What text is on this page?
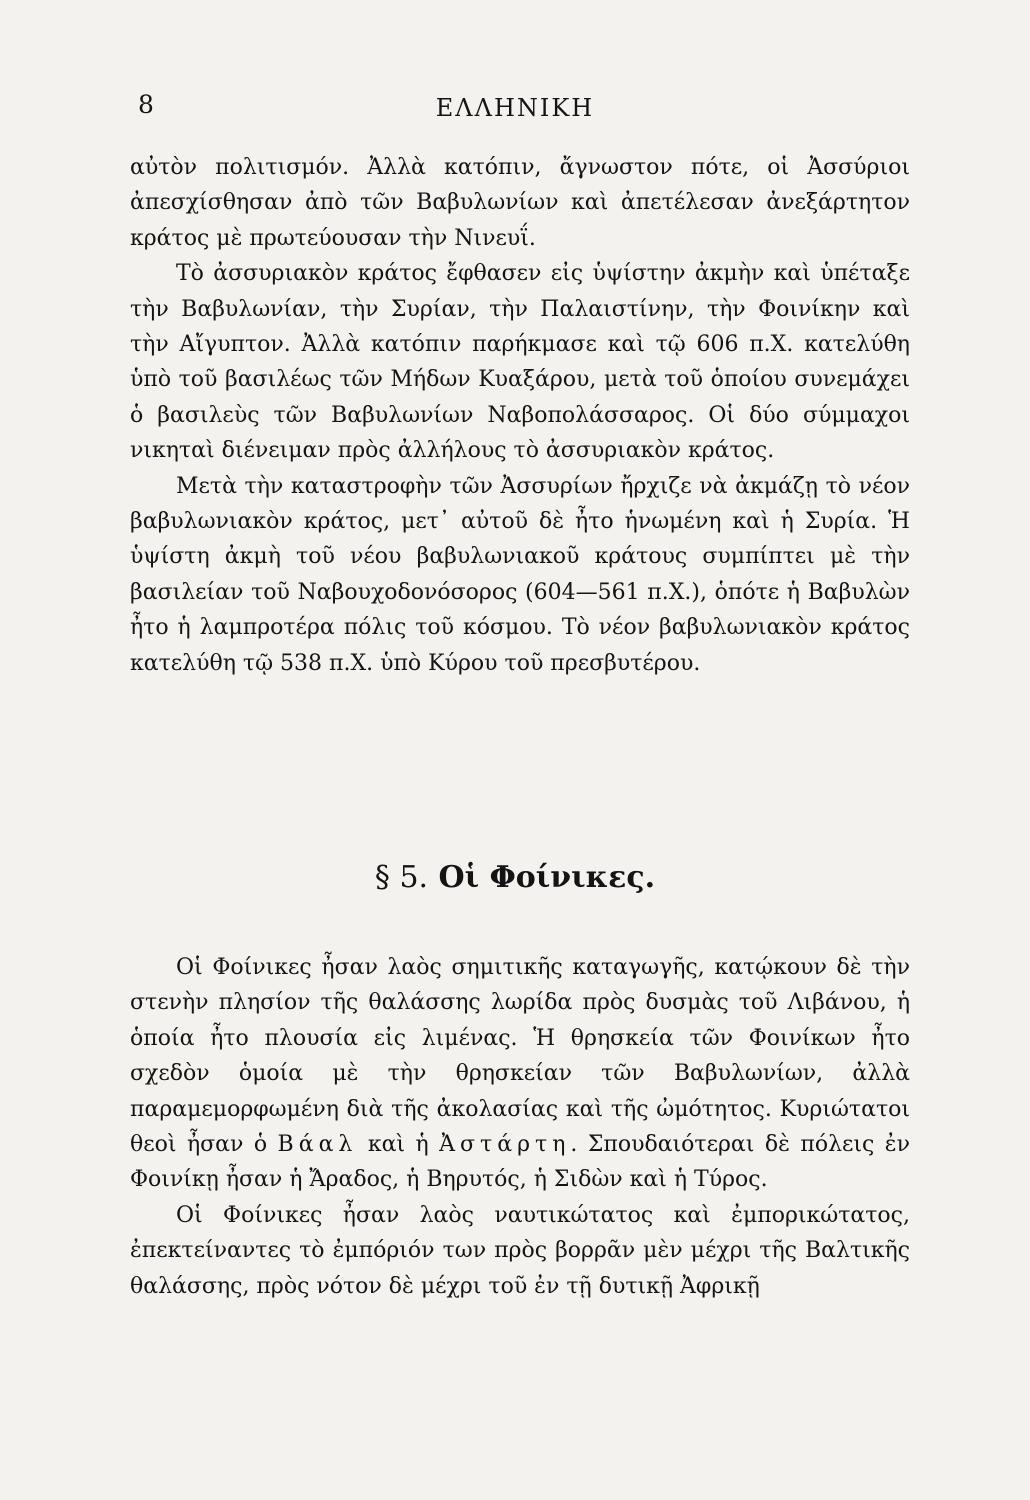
8	ΕΛΛΗΝΙΚΗ

αὐτὸν πολιτισμόν. Ἀλλὰ κατόπιν, ἄγνωστον πότε, οἱ Ἀσσύριοι ἀπεσχίσθησαν ἀπὸ τῶν Βαβυλωνίων καὶ ἀπετέλεσαν ἀνεξάρτητον κράτος μὲ πρωτεύουσαν τὴν Νινευΐ.

Τὸ ἀσσυριακὸν κράτος ἔφθασεν εἰς ὑψίστην ἀκμὴν καὶ ὑπέταξε τὴν Βαβυλωνίαν, τὴν Συρίαν, τὴν Παλαιστίνην, τὴν Φοινίκην καὶ τὴν Αἴγυπτον. Ἀλλὰ κατόπιν παρήκμασε καὶ τῷ 606 π.Χ. κατελύθη ὑπὸ τοῦ βασιλέως τῶν Μήδων Κυαξάρου, μετὰ τοῦ ὁποίου συνεμάχει ὁ βασιλεὺς τῶν Βαβυλωνίων Ναβοπολάσσαρος. Οἱ δύο σύμμαχοι νικηταὶ διένειμαν πρὸς ἀλλήλους τὸ ἀσσυριακὸν κράτος.

Μετὰ τὴν καταστροφὴν τῶν Ἀσσυρίων ἤρχιζε νὰ ἀκμάζῃ τὸ νέον βαβυλωνιακὸν κράτος, μετ᾽ αὐτοῦ δὲ ἦτο ἡνωμένη καὶ ἡ Συρία. Ἡ ὑψίστη ἀκμὴ τοῦ νέου βαβυλωνιακοῦ κράτους συμπίπτει μὲ τὴν βασιλείαν τοῦ Ναβουχοδονόσορος (604—561 π.Χ.), ὁπότε ἡ Βαβυλὼν ἦτο ἡ λαμπροτέρα πόλις τοῦ κόσμου. Τὸ νέον βαβυλωνιακὸν κράτος κατελύθη τῷ 538 π.Χ. ὑπὸ Κύρου τοῦ πρεσβυτέρου.

§ 5. Οἱ Φοίνικες.

Οἱ Φοίνικες ἦσαν λαὸς σημιτικῆς καταγωγῆς, κατῴκουν δὲ τὴν στενὴν πλησίον τῆς θαλάσσης λωρίδα πρὸς δυσμὰς τοῦ Λιβάνου, ἡ ὁποία ἦτο πλουσία εἰς λιμένας. Ἡ θρησκεία τῶν Φοινίκων ἦτο σχεδὸν ὁμοία μὲ τὴν θρησκείαν τῶν Βαβυλωνίων, ἀλλὰ παραμεμορφωμένη διὰ τῆς ἀκολασίας καὶ τῆς ὠμότητος. Κυριώτατοι θεοὶ ἦσαν ὁ Βάαλ καὶ ἡ Ἀστάρτη. Σπουδαιότεραι δὲ πόλεις ἐν Φοινίκῃ ἦσαν ἡ Ἄραδος, ἡ Βηρυτός, ἡ Σιδὼν καὶ ἡ Τύρος.

Οἱ Φοίνικες ἦσαν λαὸς ναυτικώτατος καὶ ἐμπορικώτατος, ἐπεκτείναντες τὸ ἐμπόριόν των πρὸς βορρᾶν μὲν μέχρι τῆς Βαλτικῆς θαλάσσης, πρὸς νότον δὲ μέχρι τοῦ ἐν τῇ δυτικῇ Ἀφρικῇ
